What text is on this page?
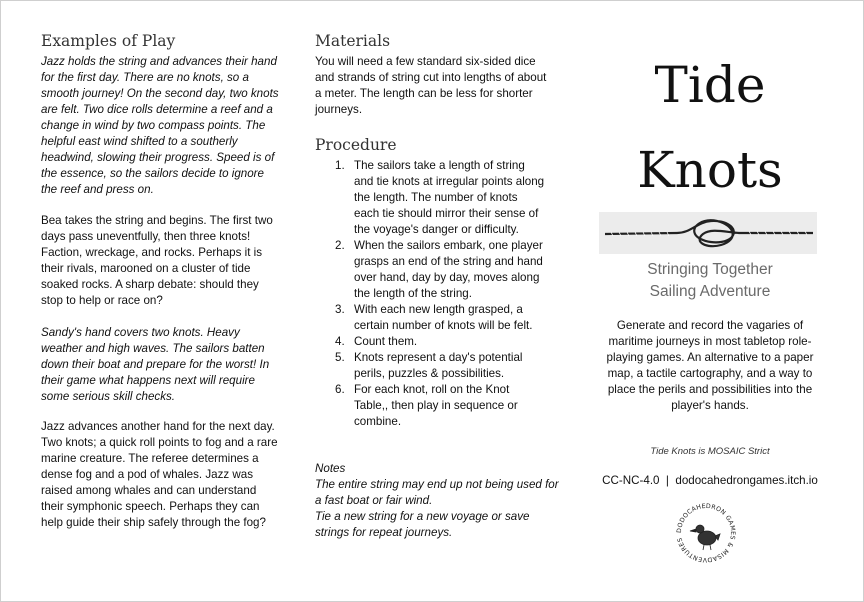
Examples of Play

Jazz holds the string and advances their hand for the first day. There are no knots, so a smooth journey! On the second day, two knots are felt. Two dice rolls determine a reef and a change in wind by two compass points. The helpful east wind shifted to a southerly headwind, slowing their progress. Speed is of the essence, so the sailors decide to ignore the reef and press on.

Bea takes the string and begins. The first two days pass uneventfully, then three knots! Faction, wreckage, and rocks. Perhaps it is their rivals, marooned on a cluster of tide soaked rocks. A sharp debate: should they stop to help or race on?

Sandy's hand covers two knots. Heavy weather and high waves. The sailors batten down their boat and prepare for the worst! In their game what happens next will require some serious skill checks.

Jazz advances another hand for the next day. Two knots; a quick roll points to fog and a rare marine creature. The referee determines a dense fog and a pod of whales. Jazz was raised among whales and can understand their symphonic speech. Perhaps they can help guide their ship safely through the fog?

Materials

You will need a few standard six-sided dice and strands of string cut into lengths of about a meter. The length can be less for shorter journeys.

Procedure
1. The sailors take a length of string and tie knots at irregular points along the length. The number of knots each tie should mirror their sense of the voyage's danger or difficulty.
2. When the sailors embark, one player grasps an end of the string and hand over hand, day by day, moves along the length of the string.
3. With each new length grasped, a certain number of knots will be felt.
4. Count them.
5. Knots represent a day's potential perils, puzzles & possibilities.
6. For each knot, roll on the Knot Table,, then play in sequence or combine.
Notes

The entire string may end up not being used for a fast boat or fair wind.

Tie a new string for a new voyage or save strings for repeat journeys.

Tide
Knots
Stringing Together
Sailing Adventure

Generate and record the vagaries of maritime journeys in most tabletop role-playing games. An alternative to a paper map, a tactile cartography, and a way to place the perils and possibilities into the player's hands.

Tide Knots is MOSAIC Strict
CC-NC-4.0  |  dodocahedrongames.itch.io
DODOCAHEDRON GAMES & MISADVENTURES
